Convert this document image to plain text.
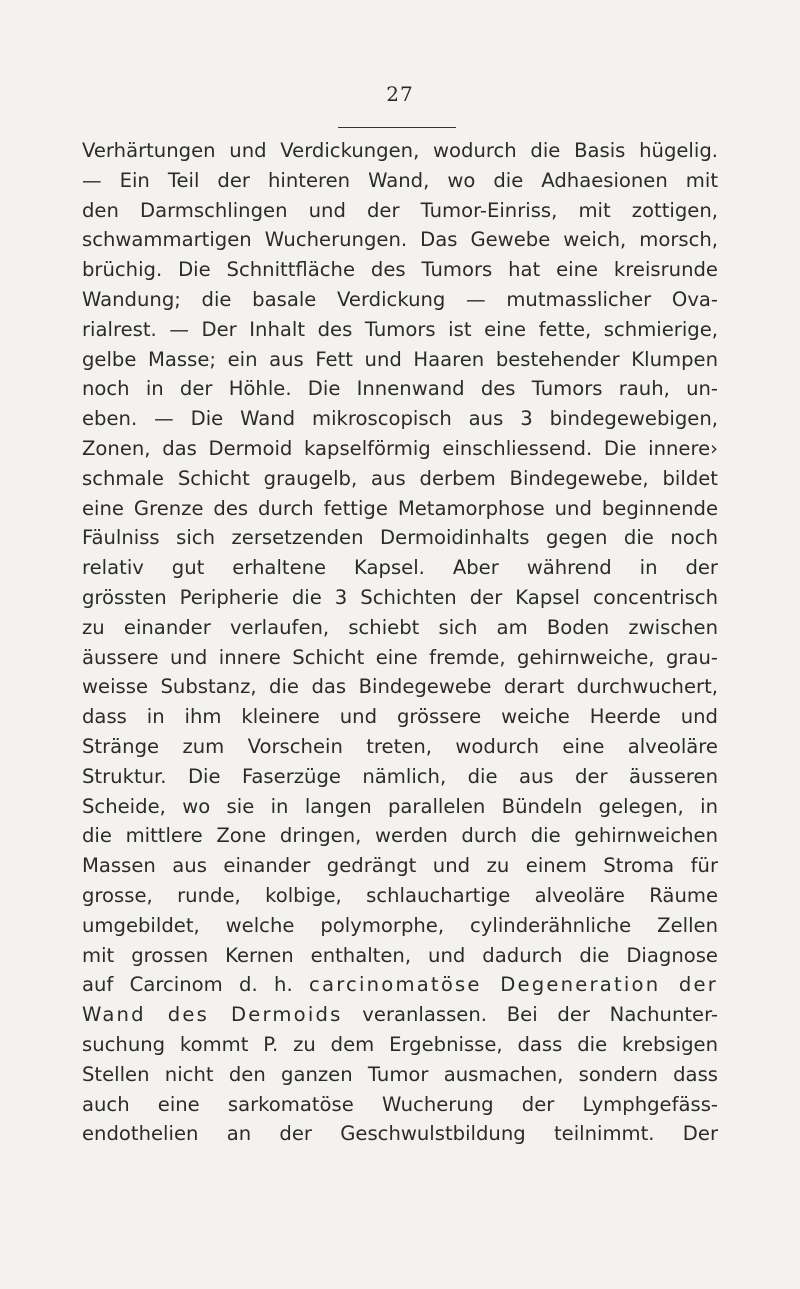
27
Verhärtungen und Verdickungen, wodurch die Basis hügelig.
— Ein Teil der hinteren Wand, wo die Adhaesionen mit
den Darmschlingen und der Tumor-Einriss, mit zottigen,
schwammartigen Wucherungen. Das Gewebe weich, morsch,
brüchig. Die Schnittfläche des Tumors hat eine kreisrunde
Wandung; die basale Verdickung — mutmasslicher Ova-
rialrest. — Der Inhalt des Tumors ist eine fette, schmierige,
gelbe Masse; ein aus Fett und Haaren bestehender Klumpen
noch in der Höhle. Die Innenwand des Tumors rauh, un-
eben. — Die Wand mikroscopisch aus 3 bindegewebigen,
Zonen, das Dermoid kapselförmig einschliessend. Die innere›
schmale Schicht graugelb, aus derbem Bindegewebe, bildet
eine Grenze des durch fettige Metamorphose und beginnende
Fäulniss sich zersetzenden Dermoidinhalts gegen die noch
relativ gut erhaltene Kapsel. Aber während in der
grössten Peripherie die 3 Schichten der Kapsel concentrisch
zu einander verlaufen, schiebt sich am Boden zwischen
äussere und innere Schicht eine fremde, gehirnweiche, grau-
weisse Substanz, die das Bindegewebe derart durchwuchert,
dass in ihm kleinere und grössere weiche Heerde und
Stränge zum Vorschein treten, wodurch eine alveoläre
Struktur. Die Faserzüge nämlich, die aus der äusseren
Scheide, wo sie in langen parallelen Bündeln gelegen, in
die mittlere Zone dringen, werden durch die gehirnweichen
Massen aus einander gedrängt und zu einem Stroma für
grosse, runde, kolbige, schlauchartige alveoläre Räume
umgebildet, welche polymorphe, cylinderähnliche Zellen
mit grossen Kernen enthalten, und dadurch die Diagnose
auf Carcinom d. h. carcinomatöse Degeneration der
Wand des Dermoids veranlassen. Bei der Nachunter-
suchung kommt P. zu dem Ergebnisse, dass die krebsigen
Stellen nicht den ganzen Tumor ausmachen, sondern dass
auch eine sarkomatöse Wucherung der Lymphgefäss-
endothelien an der Geschwulstbildung teilnimmt. Der
